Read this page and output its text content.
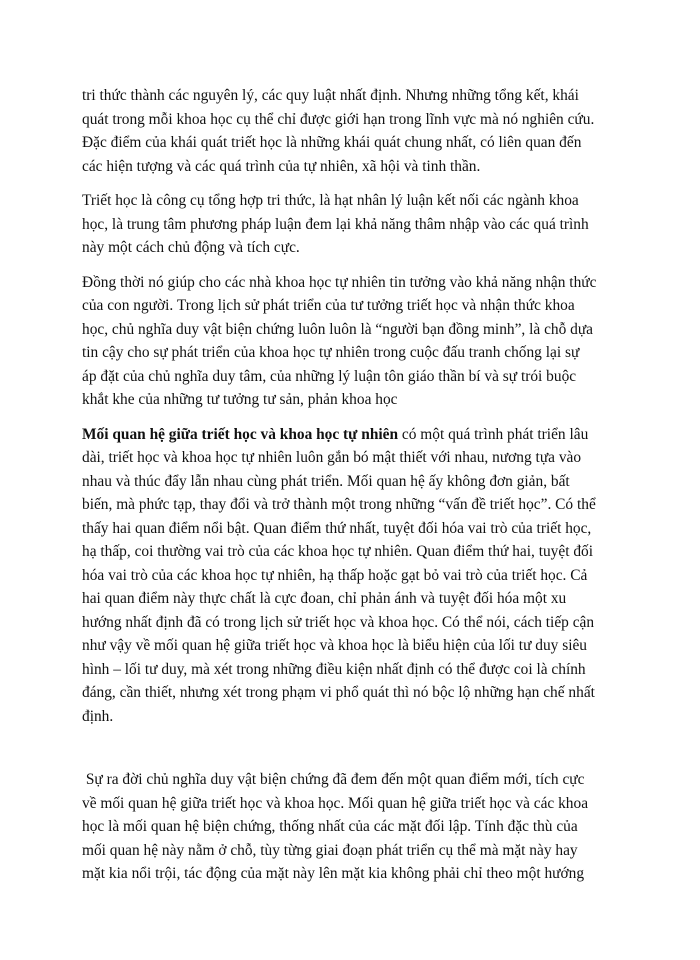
tri thức thành các nguyên lý, các quy luật nhất định. Nhưng những tổng kết, khái
quát trong mỗi khoa học cụ thể chỉ được giới hạn trong lĩnh vực mà nó nghiên cứu.
Đặc điểm của khái quát triết học là những khái quát chung nhất, có liên quan đến
các hiện tượng và các quá trình của tự nhiên, xã hội và tinh thần.

Triết học là công cụ tổng hợp tri thức, là hạt nhân lý luận kết nối các ngành khoa
học, là trung tâm phương pháp luận đem lại khả năng thâm nhập vào các quá trình
này một cách chủ động và tích cực.

Đồng thời nó giúp cho các nhà khoa học tự nhiên tin tưởng vào khả năng nhận thức
của con người. Trong lịch sử phát triển của tư tưởng triết học và nhận thức khoa
học, chủ nghĩa duy vật biện chứng luôn luôn là “người bạn đồng minh”, là chỗ dựa
tin cậy cho sự phát triển của khoa học tự nhiên trong cuộc đấu tranh chống lại sự
áp đặt của chủ nghĩa duy tâm, của những lý luận tôn giáo thần bí và sự trói buộc
khắt khe của những tư tưởng tư sản, phản khoa học

Mối quan hệ giữa triết học và khoa học tự nhiên có một quá trình phát triển lâu
dài, triết học và khoa học tự nhiên luôn gắn bó mật thiết với nhau, nương tựa vào
nhau và thúc đẩy lẫn nhau cùng phát triển. Mối quan hệ ấy không đơn giản, bất
biến, mà phức tạp, thay đổi và trở thành một trong những “vấn đề triết học”. Có thể
thấy hai quan điểm nổi bật. Quan điểm thứ nhất, tuyệt đối hóa vai trò của triết học,
hạ thấp, coi thường vai trò của các khoa học tự nhiên. Quan điểm thứ hai, tuyệt đối
hóa vai trò của các khoa học tự nhiên, hạ thấp hoặc gạt bỏ vai trò của triết học. Cả
hai quan điểm này thực chất là cực đoan, chỉ phản ánh và tuyệt đối hóa một xu
hướng nhất định đã có trong lịch sử triết học và khoa học. Có thể nói, cách tiếp cận
như vậy về mối quan hệ giữa triết học và khoa học là biểu hiện của lối tư duy siêu
hình – lối tư duy, mà xét trong những điều kiện nhất định có thể được coi là chính
đáng, cần thiết, nhưng xét trong phạm vi phổ quát thì nó bộc lộ những hạn chế nhất
định.

Sự ra đời chủ nghĩa duy vật biện chứng đã đem đến một quan điểm mới, tích cực
về mối quan hệ giữa triết học và khoa học. Mối quan hệ giữa triết học và các khoa
học là mối quan hệ biện chứng, thống nhất của các mặt đối lập. Tính đặc thù của
mối quan hệ này nằm ở chỗ, tùy từng giai đoạn phát triển cụ thể mà mặt này hay
mặt kia nổi trội, tác động của mặt này lên mặt kia không phải chỉ theo một hướng
